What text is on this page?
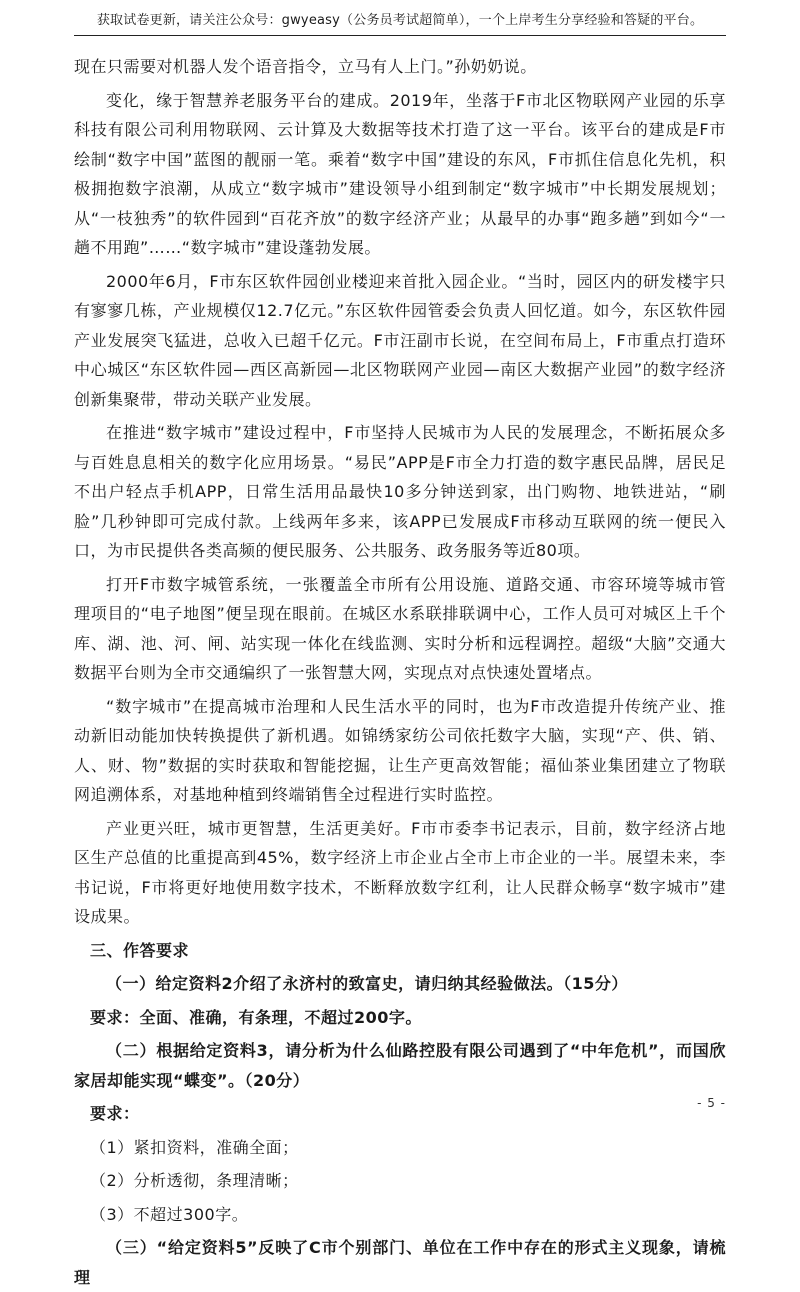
获取试卷更新，请关注公众号：gwyeasy（公务员考试超简单），一个上岸考生分享经验和答疑的平台。

现在只需要对机器人发个语音指令，立马有人上门。”孙奶奶说。

变化，缘于智慧养老服务平台的建成。2019年，坐落于F市北区物联网产业园的乐享科技有限公司利用物联网、云计算及大数据等技术打造了这一平台。该平台的建成是F市绘制“数字中国”蓝图的靓丽一笔。乘着“数字中国”建设的东风，F市抓住信息化先机，积极拥抱数字浪潮，从成立“数字城市”建设领导小组到制定“数字城市”中长期发展规划；从“一枝独秀”的软件园到“百花齐放”的数字经济产业；从最早的办事“跑多趟”到如今“一趟不用跑”……“数字城市”建设蓬勃发展。

2000年6月，F市东区软件园创业楼迎来首批入园企业。“当时，园区内的研发楼宇只有寥寥几栋，产业规模仅12.7亿元。”东区软件园管委会负责人回忆道。如今，东区软件园产业发展突飞猛进，总收入已超千亿元。F市汪副市长说，在空间布局上，F市重点打造环中心城区“东区软件园—西区高新园—北区物联网产业园—南区大数据产业园”的数字经济创新集聚带，带动关联产业发展。

在推进“数字城市”建设过程中，F市坚持人民城市为人民的发展理念，不断拓展众多与百姓息息相关的数字化应用场景。“易民”APP是F市全力打造的数字惠民品牌，居民足不出户轻点手机APP，日常生活用品最快10多分钟送到家，出门购物、地铁进站，“刷脸”几秒钟即可完成付款。上线两年多来，该APP已发展成F市移动互联网的统一便民入口，为市民提供各类高频的便民服务、公共服务、政务服务等近80项。

打开F市数字城管系统，一张覆盖全市所有公用设施、道路交通、市容环境等城市管理项目的“电子地图”便呈现在眼前。在城区水系联排联调中心，工作人员可对城区上千个库、湖、池、河、闸、站实现一体化在线监测、实时分析和远程调控。超级“大脑”交通大数据平台则为全市交通编织了一张智慧大网，实现点对点快速处置堵点。

“数字城市”在提高城市治理和人民生活水平的同时，也为F市改造提升传统产业、推动新旧动能加快转换提供了新机遇。如锦绣家纺公司依托数字大脑，实现“产、供、销、人、财、物”数据的实时获取和智能挖掘，让生产更高效智能；福仙茶业集团建立了物联网追溯体系，对基地种植到终端销售全过程进行实时监控。

产业更兴旺，城市更智慧，生活更美好。F市市委李书记表示，目前，数字经济占地区生产总值的比重提高到45%，数字经济上市企业占全市上市企业的一半。展望未来，李书记说，F市将更好地使用数字技术，不断释放数字红利，让人民群众畅享“数字城市”建设成果。

三、作答要求

（一）给定资料2介绍了永济村的致富史，请归纳其经验做法。（15分）

要求：全面、准确，有条理，不超过200字。

（二）根据给定资料3，请分析为什么仙路控股有限公司遇到了“中年危机”，而国欣家居却能实现“蝶变”。（20分）

要求：

（1）紧扣资料，准确全面；

（2）分析透彻，条理清晰；

（3）不超过300字。

（三）“给定资料5”反映了C市个别部门、单位在工作中存在的形式主义现象，请梳理

- 5 -
